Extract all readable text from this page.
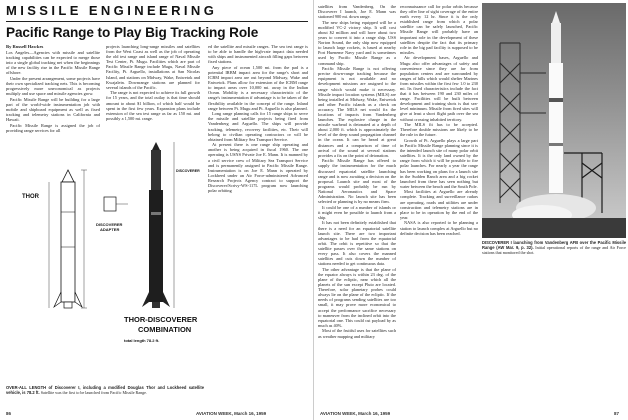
MISSILE ENGINEERING
Pacific Range to Play Big Tracking Role
By Russell Hawkes

Los Angeles—Agencies with missile and satellite tracking capabilities can be expected to merge those into a single global tracking net when the beginnings of the new facility rise in the Pacific Missile Range offshore.

Under the present arrangement, some projects have their own specialized tracking nets. This is becoming progressively more uneconomical as projects multiply and use space and missile agencies grow.

Pacific Missile Range will be building for a large part of the world-wide instrumentation job with mobile and shipboard equipment as well as fixed tracking and telemetry stations in California and Hawaii.

Pacific Missile Range is assigned the job of providing range services for all

projects launching long-range missiles and satellites from the West Coast as well as the job of operating the old test range and island range of Naval Missile Test Center, Pt. Mugu. Facilities which are part of Pacific Missile Range include Mugu, Naval Missile Facility, Pt. Arguello, installations at San Nicolas Island, and stations on Midway, Wake, Eniwetok and Kwajalein. Downrange stations are planned for several islands of the Pacific.

The range is not expected to achieve its full growth for 15 years, and the total outlay is that time should amount to about $1 billion, of which half would be spent in the first few years. Expansion plans include extension of the sea test range as far as 150 mi. and possibly a 1,500 mi. range.

ed the satellite and missile ranges. The sea test range is to be able to handle the high-rate impact data needed with ships and instrumented aircraft filling gaps between fixed stations.

Any piece of ocean 1,500 mi. from the pad is a potential IRBM impact area for the range's short and ICBM impact area are out beyond Midway, Wake and Eniwetok. Plans allow for extension of the ICBM range to impact areas over 10,000 mi. away in the Indian Ocean. Mobility is a necessary characteristic of the range's instrumentation if advantage is to be taken of the flexibility available in the concept of the range. Inland range between Pt. Mugu and Pt. Arguello is also planned.

Long range planning calls for 15 range ships to serve the missile and satellite projects being fired from Vandenberg and Arguello. The ships will provide tracking, telemetry, recovery facilities, etc. Their will belong to civilian operating contractors or will be obtained from Military Sea Transport Service.

At present there is one range ship operating and another is being acquired in fiscal 1960. The one operating is USNS Private Joe E. Mann. It is manned by a civil service crew of Military Sea Transport Service and is permanently assigned to Pacific Missile Range. Instrumentation is on Joe E. Mann is operated by Lockheed under an Air Force-administered Advanced Research Projects Agency contract to support the Discoverer/Scrivy-WS-117L program now launching polar orbiting

THOR
DISCOVERER
ADAPTER
DISCOVERER
THOR-DISCOVERER
COMBINATION
total length 78.2 ft.
OVER-ALL LENGTH of Discoverer I, including a modified Douglas Thor and Lockheed satellite vehicle, is 78.2 ft. Satellite was the first to be launched from Pacific Missile Range.
86	AVIATION WEEK, March 16, 1959

satellites from Vandenberg. On the Discoverer I launch, Joe E. Mann was stationed 900 mi. down range.

The new ships being equipped will be a modified VC-2 victory ship. It will cost about $2 million and will have about two years to convert it into a range ship. USS Norton Sound, the only ship now equipped to launch large rockets, is based at nearby Port Hueneme Navy yard and is sometimes used by Pacific Missile Range as a command ship.

Pacific Missile Range is not offering precise down-range tracking because the equipment is not available and no development missions are assigned to the range which would make it necessary. Missile impact location systems (MILS) are being installed at Midway, Wake, Eniwetok and other Pacific islands as a check on accuracy. The MILS net would fix the locations of impacts from Vandenberg launches. The explosive charge in the missile warhead is detonated at a depth of about 2,000 ft. which is approximately the level of the deep sound propagation channel in the ocean. It can be heard at great distances and a comparison of time of arrival of the sound at several stations provides a fix on the point of detonation.

Pacific Missile Range has offered to supply the instrumentation for the much discussed equatorial satellite launching range and is now awaiting a decision on the proposal. Launch site and most of the programs would probably be run by National Aeronautics and Space Administration. No launch site has been selected or planning is by no means firm.

It could be one of a number of islands or it might even be possible to launch from a ship.

It has not been definitely established that there is a need for an equatorial satellite launch site. There are two important advantages to be had from the equatorial orbit. The orbit is repetitive so that the satellite passes over the same stations on every pass. It also covers the manned satellites and cuts down the number of stations needed to get continuous data.

The other advantage is that the plane of the equator always is within 23 deg. of the plane of the ecliptic, near which all the planets of the sun except Pluto are located. Therefore, solar planetary probes could always lie on the plane of the ecliptic. If the needs of programs sending satellites are too small, it may prove more economical to accept the performance sacrifice necessary to maneuver from the inclined orbit into the equatorial one. This could cut payload by as much as 40%.

Most of the fruitful uses for satellites such as weather mapping and military

reconnaissance call for polar orbits because they offer line of sight coverage of the entire earth every 12 hr. Since it is the only established range from which a polar satellite can be safely launched, Pacific Missile Range will probably have an important role in the development of these satellites despite the fact that its primary role in the big pad facility is supposed to be missiles.

Air development bases, Arguello and Mugu also offer advantages of safety and convenience since they are far from population centers and are surrounded by ranges of hills which would shelter Marines from missiles within the first few 1.0 to 230 mi. Its fixed characteristics include the fact that it has between 190 and 230 miles of range. Facilities will be built between development and training shots is that sea-level minimum. Missile from fired sites will give at least a short flight path over the sea without crossing inhabited territory.

The MILS fit has to be accepted. Therefore double missions are likely to be the rule in the future.

Growth of Pt. Arguello plays a large part in Pacific Missile Range planning since it is the intended launch site of many polar orbit satellites. It is the only land owned by the range from which it will be possible to fire polar launches. For nearly a year the range has been working on plans for a launch site in the Sudden Ranch area and a big rocket launched from there has seen nothing but water between the beach and the South Pole.

Most facilities at Arguello are already complete. Tracking and surveillance radars are operating, roads and utilities are under construction and telemetry stations are in place to be in operation by the end of the year.

NASA is also reported to be planning a station to launch complex at Arguello but no definite decision has been reached.

DISCOVERER I launching from Vandenberg AFB over the Pacific Missile Range (AW Mar. 9, p. 32). Initial operational reports of the range and Air Force stations that monitored the shot.
AVIATION WEEK, March 16, 1959	87
